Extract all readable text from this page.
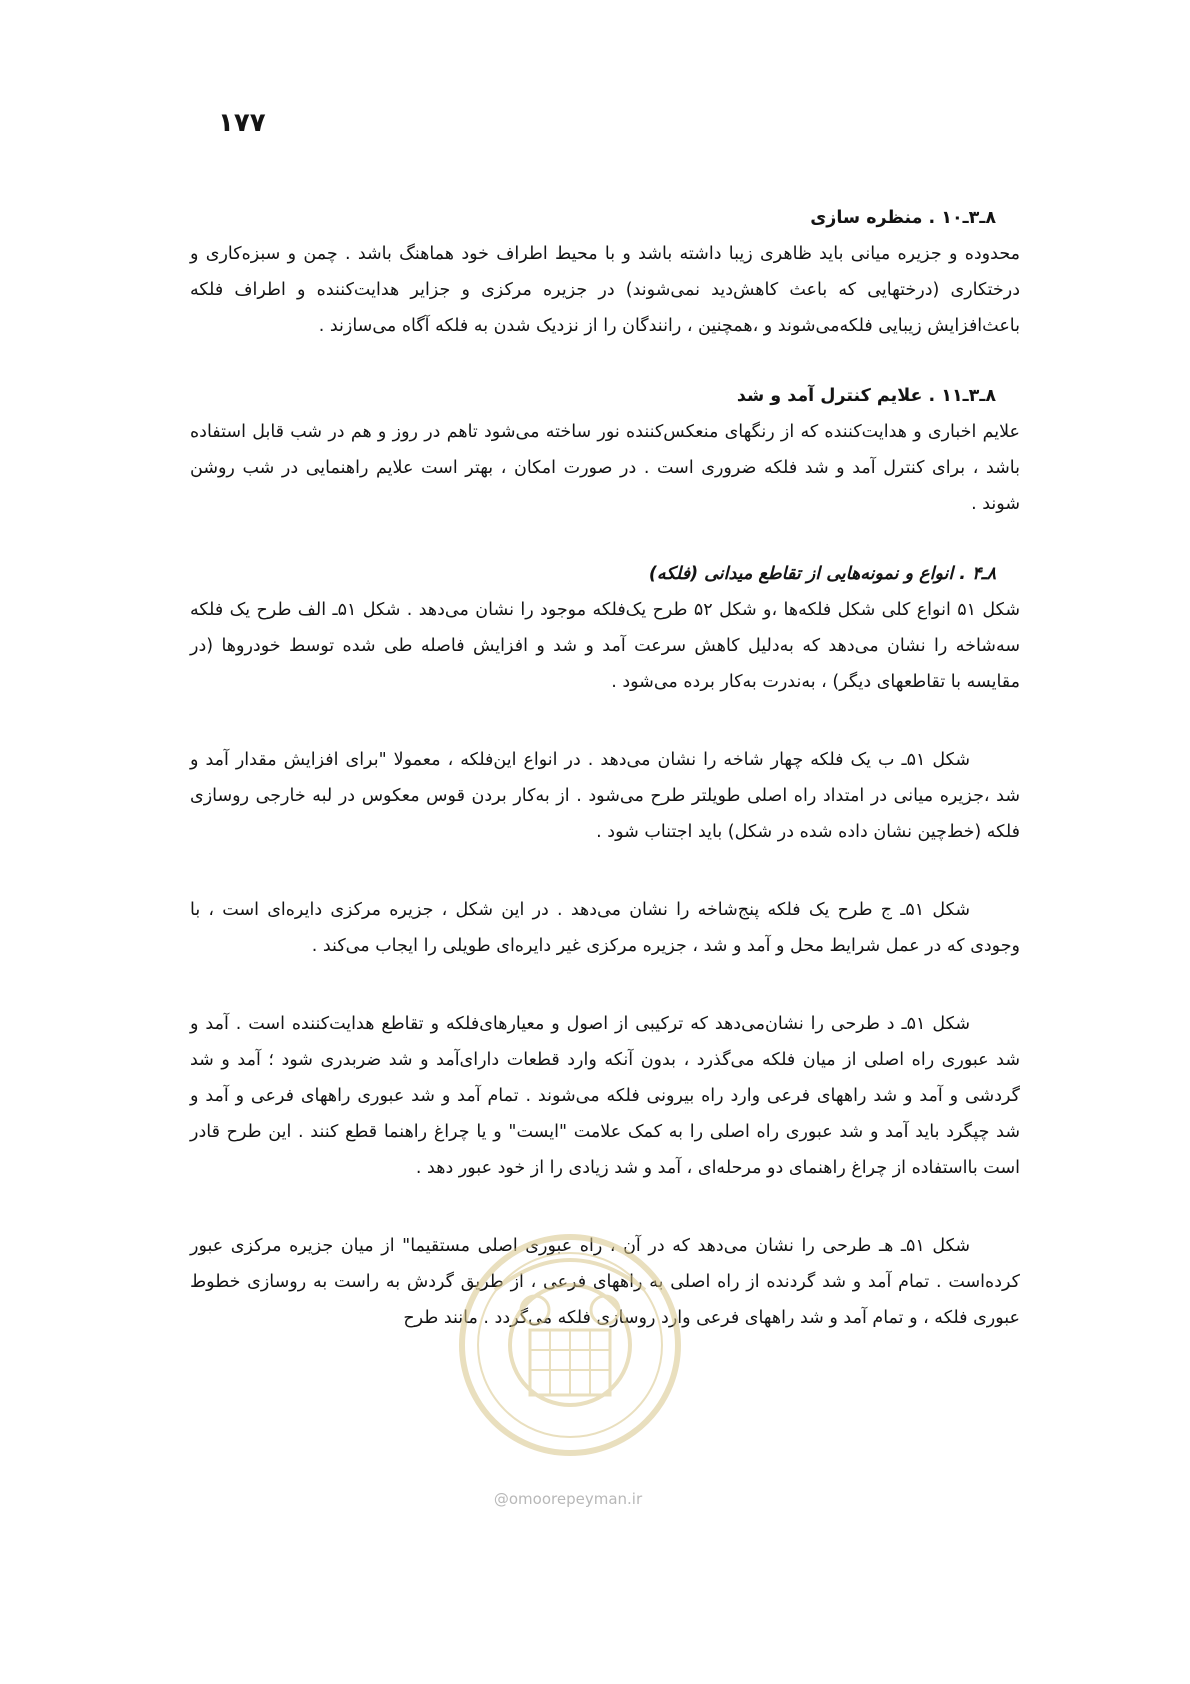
۱۷۷

۸ـ۳ـ۱۰ . منظره سازی

محدوده و جزیره میانی باید ظاهری زیبا داشته باشد و با محیط اطراف خود هماهنگ باشد . چمن و سبزه‌کاری و درختکاری (درختهایی که باعث کاهش‌دید نمی‌شوند) در جزیره مرکزی و جزایر هدایت‌کننده و اطراف فلکه باعث‌افزایش زیبایی فلکه‌می‌شوند و ،همچنین ، رانندگان را از نزدیک شدن به فلکه آگاه می‌سازند .

۸ـ۳ـ۱۱ . علایم کنترل آمد و شد

علایم اخباری و هدایت‌کننده که از رنگهای منعکس‌کننده نور ساخته می‌شود تا‌هم در روز و هم در شب قابل استفاده باشد ، برای کنترل آمد و شد فلکه ضروری است . در صورت امکان ، بهتر است علایم راهنمایی در شب روشن شوند .

۸ـ۴ . انواع و نمونه‌هایی از تقاطع میدانی (فلکه)

شکل ۵۱ انواع کلی شکل فلکه‌ها ،و شکل ۵۲ طرح یک‌فلکه موجود را نشان می‌دهد . شکل ۵۱ـ الف طرح یک فلکه سه‌شاخه را نشان می‌دهد که به‌دلیل کاهش سرعت آمد و شد و افزایش فاصله طی شده توسط خودروها (در مقایسه با تقاطعهای دیگر) ، به‌ندرت به‌کار برده می‌شود .

شکل ۵۱ـ ب یک فلکه چهار شاخه را نشان می‌دهد . در انواع این‌فلکه ، معمولا "برای افزایش مقدار آمد و شد ،جزیره میانی در امتداد راه اصلی طویلتر طرح می‌شود . از به‌کار بردن قوس معکوس در لبه خارجی روسازی فلکه (خط‌چین نشان داده شده در شکل) باید اجتناب شود .

شکل ۵۱ـ ج طرح یک فلکه پنج‌شاخه را نشان می‌دهد . در این شکل ، جزیره مرکزی دایره‌ای است ، با وجودی که در عمل شرایط محل و آمد و شد ، جزیره مرکزی غیر دایره‌ای طویلی را ایجاب می‌کند .

شکل ۵۱ـ د طرحی را نشان‌می‌دهد که ترکیبی از اصول و معیارهای‌فلکه و تقاطع هدایت‌کننده است . آمد و شد عبوری راه اصلی از میان فلکه می‌گذرد ، بدون آنکه وارد قطعات دارای‌آمد و شد ضربدری شود ؛ آمد و شد گردشی و آمد و شد راههای فرعی وارد راه بیرونی فلکه می‌شوند . تمام آمد و شد عبوری راههای فرعی و آمد و شد چپگرد باید آمد و شد عبوری راه اصلی را به کمک علامت "ایست" و یا چراغ راهنما قطع کنند . این طرح قادر است بااستفاده از چراغ راهنمای دو مرحله‌ای ، آمد و شد زیادی را از خود عبور دهد .

شکل ۵۱ـ هـ طرحی را نشان می‌دهد که در آن ، راه عبوری اصلی مستقیما" از میان جزیره مرکزی عبور کرده‌است . تمام آمد و شد گردنده از راه اصلی به راههای فرعی ، از طریق گردش به راست به روسازی خطوط عبوری فلکه ، و تمام آمد و شد راههای فرعی وارد روسازی فلکه می‌گردد . مانند طرح

@omoorepeyman.ir
